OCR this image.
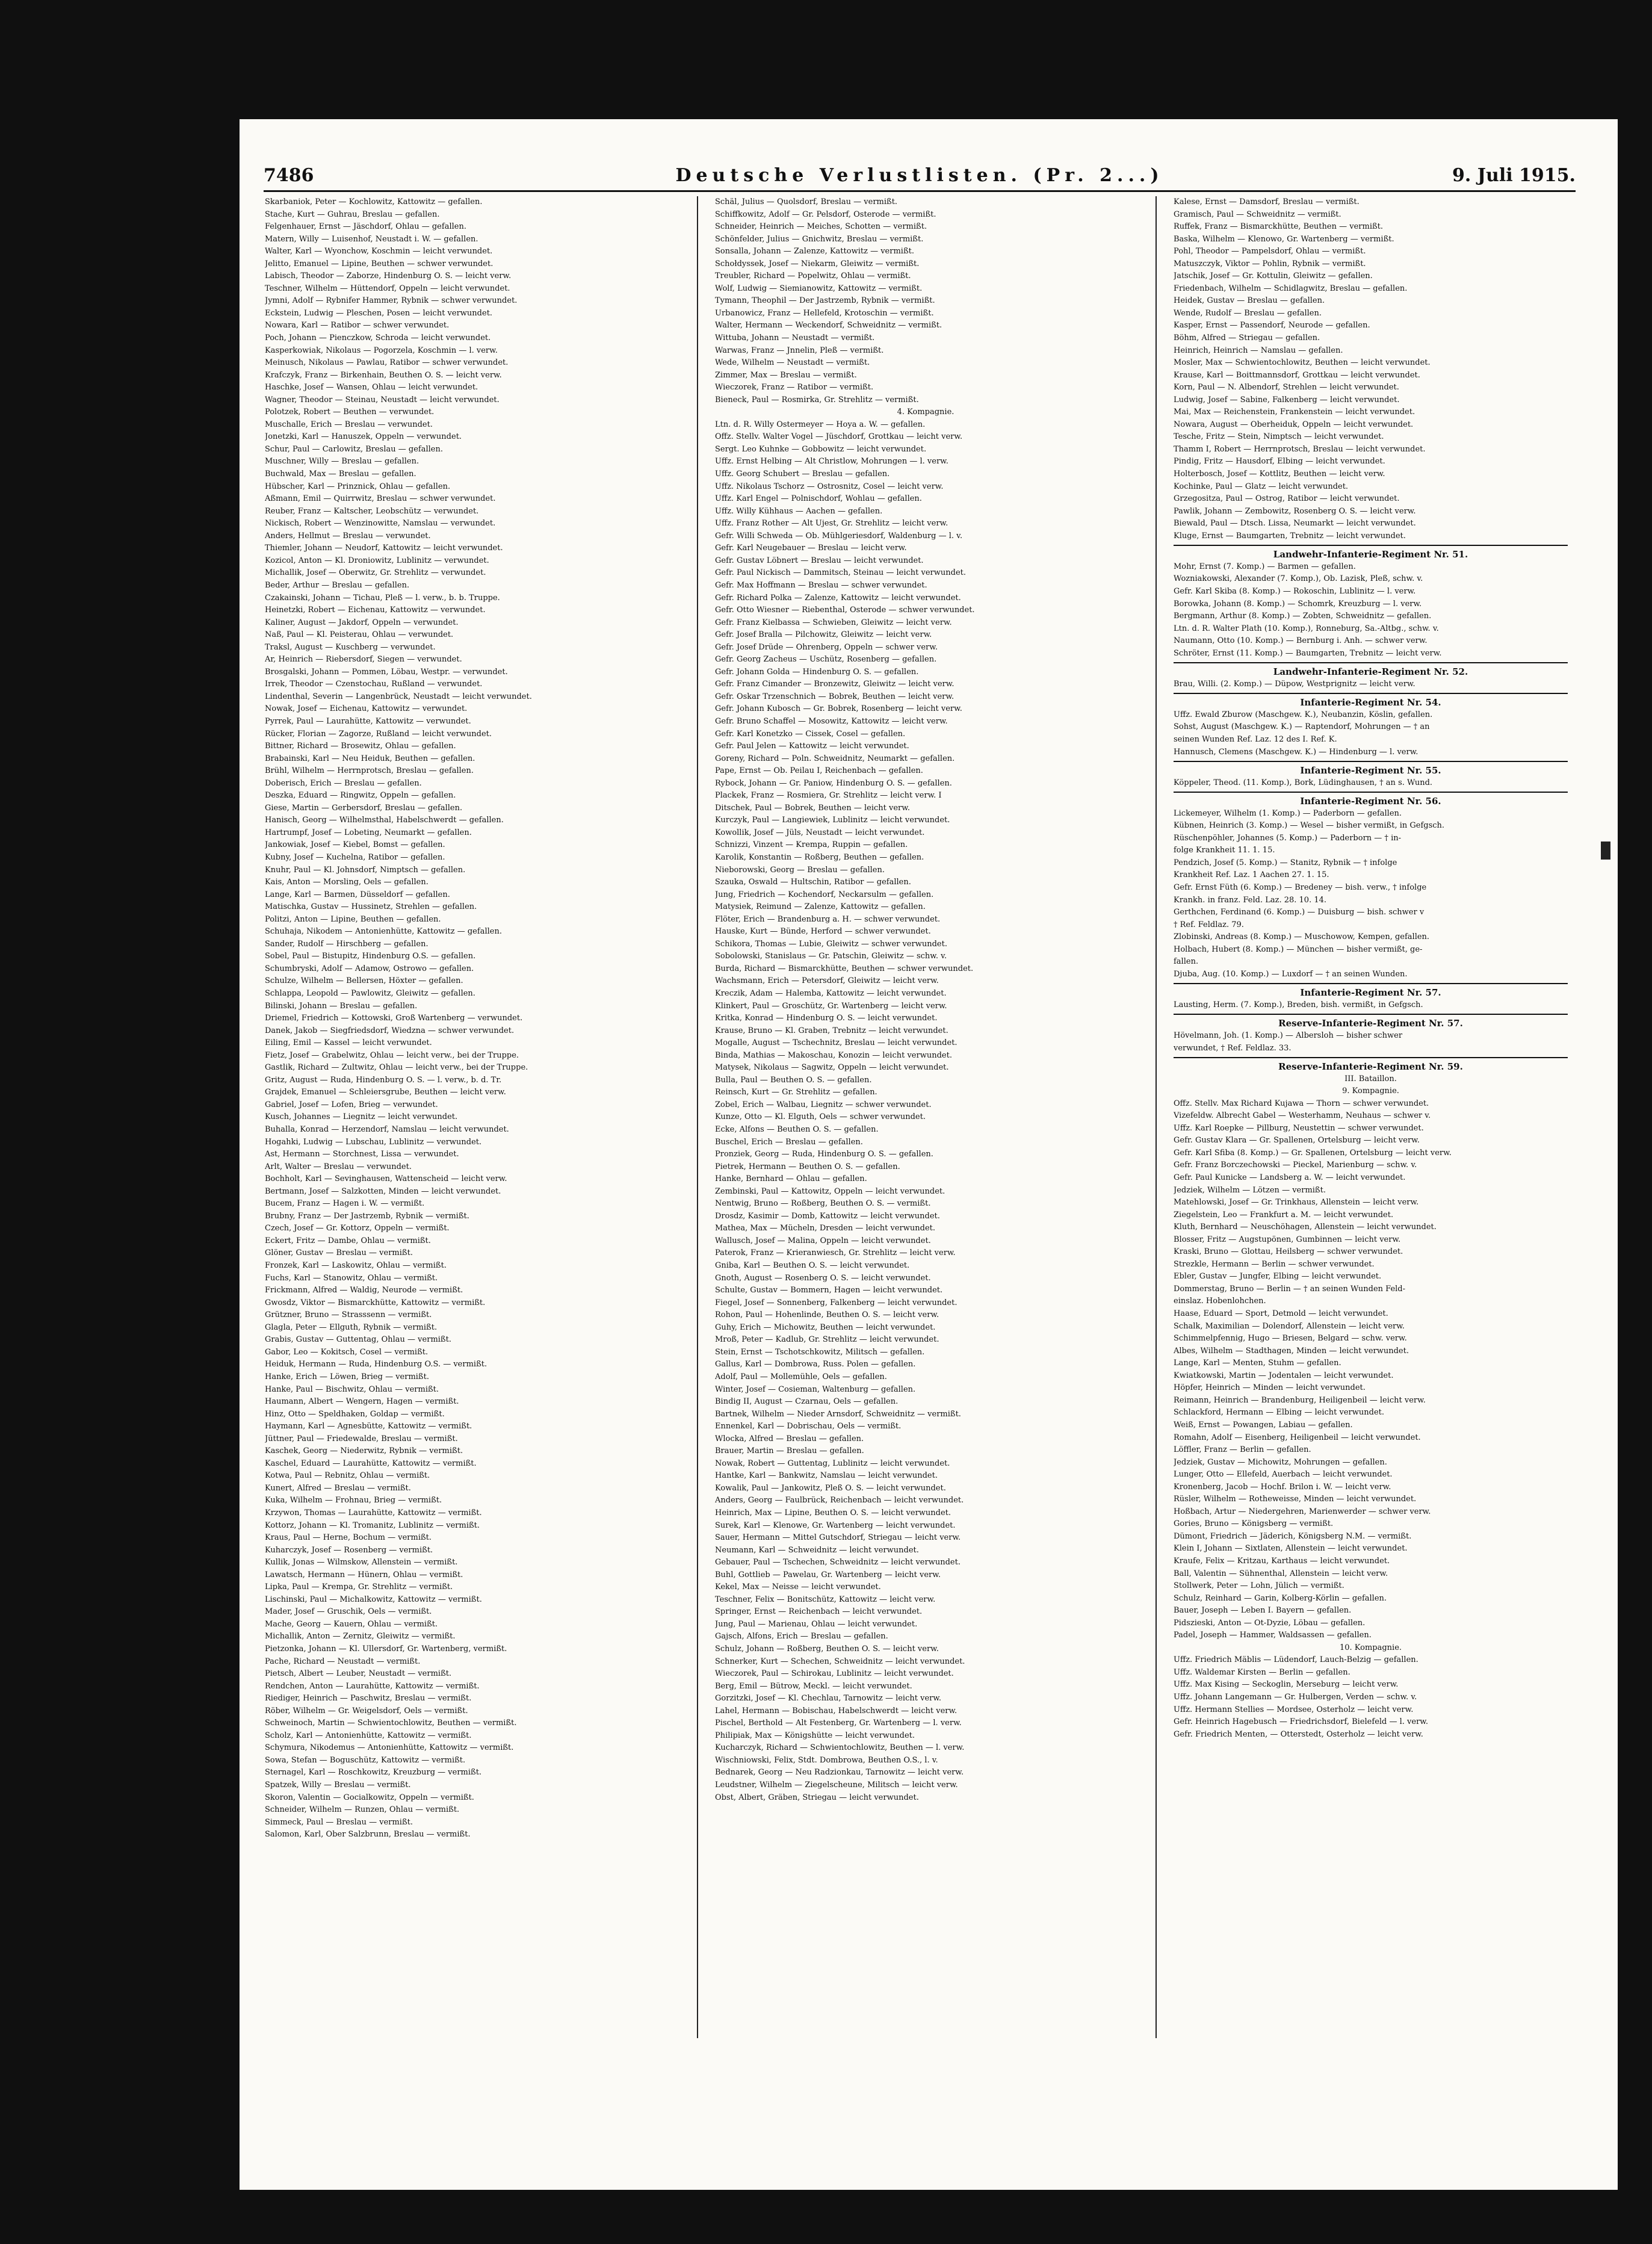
7486	Deutsche Verlustlisten. (Pr. 2...)	9. Juli 1915.
Skarbaniok, Peter — Kochlowitz, Kattowitz — gefallen.
Stache, Kurt — Guhrau, Breslau — gefallen.
Felgenhauer, Ernst — Jäschdorf, Ohlau — gefallen.
Matern, Willy — Luisenhof, Neustadt i. W. — gefallen.
Walter, Karl — Wyonchow, Koschmin — leicht verwundet.
Jelitto, Emanuel — Lipine, Beuthen — schwer verwundet.
Labisch, Theodor — Zaborze, Hindenburg O. S. — leicht verw.
Teschner, Wilhelm — Hüttendorf, Oppeln — leicht verwundet.
Jymni, Adolf — Rybnifer Hammer, Rybnik — schwer verwundet.
Eckstein, Ludwig — Pleschen, Posen — leicht verwundet.
Nowara, Karl — Ratibor — schwer verwundet.
Poch, Johann — Pienczkow, Schroda — leicht verwundet.
Kasperkowiak, Nikolaus — Pogorzela, Koschmin — l. verw.
Meinusch, Nikolaus — Pawlau, Ratibor — schwer verwundet.
Krafczyk, Franz — Birkenhain, Beuthen O. S. — leicht verw.
Haschke, Josef — Wansen, Ohlau — leicht verwundet.
Wagner, Theodor — Steinau, Neustadt — leicht verwundet.
Polotzek, Robert — Beuthen — verwundet.
Muschalle, Erich — Breslau — verwundet.
Jonetzki, Karl — Hanuszek, Oppeln — verwundet.
Schur, Paul — Carlowitz, Breslau — gefallen.
Muschner, Willy — Breslau — gefallen.
Buchwald, Max — Breslau — gefallen.
Hübscher, Karl — Prinznick, Ohlau — gefallen.
Aßmann, Emil — Quirrwitz, Breslau — schwer verwundet.
Reuber, Franz — Kaltscher, Leobschütz — verwundet.
Nickisch, Robert — Wenzinowitte, Namslau — verwundet.
Anders, Hellmut — Breslau — verwundet.
Thiemler, Johann — Neudorf, Kattowitz — leicht verwundet.
Kozicol, Anton — Kl. Droniowitz, Lublinitz — verwundet.
Michallik, Josef — Oberwitz, Gr. Strehlitz — verwundet.
Beder, Arthur — Breslau — gefallen.
Czakainski, Johann — Tichau, Pleß — l. verw., b. b. Truppe.
Heinetzki, Robert — Eichenau, Kattowitz — verwundet.
Kaliner, August — Jakdorf, Oppeln — verwundet.
Naß, Paul — Kl. Peisterau, Ohlau — verwundet.
Traksl, August — Kuschberg — verwundet.
Ar, Heinrich — Riebersdorf, Siegen — verwundet.
Brosgalski, Johann — Pommen, Löbau, Westpr. — verwundet.
Irrek, Theodor — Czenstochau, Rußland — verwundet.
Lindenthal, Severin — Langenbrück, Neustadt — leicht verwundet.
Nowak, Josef — Eichenau, Kattowitz — verwundet.
Pyrrek, Paul — Laurahütte, Kattowitz — verwundet.
Rücker, Florian — Zagorze, Rußland — leicht verwundet.
Bittner, Richard — Brosewitz, Ohlau — gefallen.
Brabainski, Karl — Neu Heiduk, Beuthen — gefallen.
Brühl, Wilhelm — Herrnprotsch, Breslau — gefallen.
Doberisch, Erich — Breslau — gefallen.
Deszka, Eduard — Ringwitz, Oppeln — gefallen.
Giese, Martin — Gerbersdorf, Breslau — gefallen.
Hanisch, Georg — Wilhelmsthal, Habelschwerdt — gefallen.
Hartrumpf, Josef — Lobeting, Neumarkt — gefallen.
Jankowiak, Josef — Kiebel, Bomst — gefallen.
Kubny, Josef — Kuchelna, Ratibor — gefallen.
Knuhr, Paul — Kl. Johnsdorf, Nimptsch — gefallen.
Kais, Anton — Morsling, Oels — gefallen.
Lange, Karl — Barmen, Düsseldorf — gefallen.
Matischka, Gustav — Hussinetz, Strehlen — gefallen.
Politzi, Anton — Lipine, Beuthen — gefallen.
Schuhaja, Nikodem — Antonienhütte, Kattowitz — gefallen.
Sander, Rudolf — Hirschberg — gefallen.
Sobel, Paul — Bistupitz, Hindenburg O.S. — gefallen.
Schumbryski, Adolf — Adamow, Ostrowo — gefallen.
Schulze, Wilhelm — Bellersen, Höxter — gefallen.
Schlappa, Leopold — Pawlowitz, Gleiwitz — gefallen.
Bilinski, Johann — Breslau — gefallen.
Driemel, Friedrich — Kottowski, Groß Wartenberg — verwundet.
Danek, Jakob — Siegfriedsdorf, Wiedzna — schwer verwundet.
Eiling, Emil — Kassel — leicht verwundet.
Fietz, Josef — Grabelwitz, Ohlau — leicht verw., bei der Truppe.
Gastlik, Richard — Zultwitz, Ohlau — leicht verw., bei der Truppe.
Gritz, August — Ruda, Hindenburg O. S. — l. verw., b. d. Tr.
Grajdek, Emanuel — Schleiersgrube, Beuthen — leicht verw.
Gabriel, Josef — Lofen, Brieg — verwundet.
Kusch, Johannes — Liegnitz — leicht verwundet.
Buhalla, Konrad — Herzendorf, Namslau — leicht verwundet.
Hogahki, Ludwig — Lubschau, Lublinitz — verwundet.
Ast, Hermann — Storchnest, Lissa — verwundet.
Arlt, Walter — Breslau — verwundet.
Bochholt, Karl — Sevinghausen, Wattenscheid — leicht verw.
Bertmann, Josef — Salzkotten, Minden — leicht verwundet.
Bucem, Franz — Hagen i. W. — vermißt.
Brubny, Franz — Der Jastrzemb, Rybnik — vermißt.
Czech, Josef — Gr. Kottorz, Oppeln — vermißt.
Eckert, Fritz — Dambe, Ohlau — vermißt.
Glöner, Gustav — Breslau — vermißt.
Fronzek, Karl — Laskowitz, Ohlau — vermißt.
Fuchs, Karl — Stanowitz, Ohlau — vermißt.
Frickmann, Alfred — Waldig, Neurode — vermißt.
Gwosdz, Viktor — Bismarckhütte, Kattowitz — vermißt.
Grützner, Bruno — Strasssenn — vermißt.
Glagla, Peter — Ellguth, Rybnik — vermißt.
Grabis, Gustav — Guttentag, Ohlau — vermißt.
Gabor, Leo — Kokitsch, Cosel — vermißt.
Heiduk, Hermann — Ruda, Hindenburg O.S. — vermißt.
Hanke, Erich — Löwen, Brieg — vermißt.
Hanke, Paul — Bischwitz, Ohlau — vermißt.
Haumann, Albert — Wengern, Hagen — vermißt.
Hinz, Otto — Speldhaken, Goldap — vermißt.
Haymann, Karl — Agnesbütte, Kattowitz — vermißt.
Jüttner, Paul — Friedewalde, Breslau — vermißt.
Kaschek, Georg — Niederwitz, Rybnik — vermißt.
Kaschel, Eduard — Laurahütte, Kattowitz — vermißt.
Kotwa, Paul — Rebnitz, Ohlau — vermißt.
Kunert, Alfred — Breslau — vermißt.
Kuka, Wilhelm — Frohnau, Brieg — vermißt.
Krzywon, Thomas — Laurahütte, Kattowitz — vermißt.
Kottorz, Johann — Kl. Tromanitz, Lublinitz — vermißt.
Kraus, Paul — Herne, Bochum — vermißt.
Kuharczyk, Josef — Rosenberg — vermißt.
Kullik, Jonas — Wilmskow, Allenstein — vermißt.
Lawatsch, Hermann — Hünern, Ohlau — vermißt.
Lipka, Paul — Krempa, Gr. Strehlitz — vermißt.
Lischinski, Paul — Michalkowitz, Kattowitz — vermißt.
Mader, Josef — Gruschik, Oels — vermißt.
Mache, Georg — Kauern, Ohlau — vermißt.
Michallik, Anton — Zernitz, Gleiwitz — vermißt.
Pietzonka, Johann — Kl. Ullersdorf, Gr. Wartenberg, vermißt.
Pache, Richard — Neustadt — vermißt.
Pietsch, Albert — Leuber, Neustadt — vermißt.
Rendchen, Anton — Laurahütte, Kattowitz — vermißt.
Riediger, Heinrich — Paschwitz, Breslau — vermißt.
Röber, Wilhelm — Gr. Weigelsdorf, Oels — vermißt.
Schweinoch, Martin — Schwientochlowitz, Beuthen — vermißt.
Scholz, Karl — Antonienhütte, Kattowitz — vermißt.
Schymura, Nikodemus — Antonienhütte, Kattowitz — vermißt.
Sowa, Stefan — Boguschütz, Kattowitz — vermißt.
Sternagel, Karl — Roschkowitz, Kreuzburg — vermißt.
Spatzek, Willy — Breslau — vermißt.
Skoron, Valentin — Gocialkowitz, Oppeln — vermißt.
Schneider, Wilhelm — Runzen, Ohlau — vermißt.
Simmeck, Paul — Breslau — vermißt.
Salomon, Karl, Ober Salzbrunn, Breslau — vermißt.
Schäl, Julius — Quolsdorf, Breslau — vermißt.
Schiffkowitz, Adolf — Gr. Pelsdorf, Osterode — vermißt.
Schneider, Heinrich — Meiches, Schotten — vermißt.
Schönfelder, Julius — Gnichwitz, Breslau — vermißt.
Sonsalla, Johann — Zalenze, Kattowitz — vermißt.
Schołdyssek, Josef — Niekarm, Gleiwitz — vermißt.
Treubler, Richard — Popelwitz, Ohlau — vermißt.
Wolf, Ludwig — Siemianowitz, Kattowitz — vermißt.
Tymann, Theophil — Der Jastrzemb, Rybnik — vermißt.
Urbanowicz, Franz — Hellefeld, Krotoschin — vermißt.
Walter, Hermann — Weckendorf, Schweidnitz — vermißt.
Wittuba, Johann — Neustadt — vermißt.
Warwas, Franz — Jnnelin, Pleß — vermißt.
Wede, Wilhelm — Neustadt — vermißt.
Zimmer, Max — Breslau — vermißt.
Wieczorek, Franz — Ratibor — vermißt.
Bieneck, Paul — Rosmirka, Gr. Strehlitz — vermißt.
4. Kompagnie.
Ltn. d. R. Willy Ostermeyer — Hoya a. W. — gefallen.
Offz. Stellv. Walter Vogel — Jüschdorf, Grottkau — leicht verw.
Sergt. Leo Kuhnke — Gobbowitz — leicht verwundet.
Uffz. Ernst Helbing — Alt Christlow, Mohrungen — l. verw.
Uffz. Georg Schubert — Breslau — gefallen.
Uffz. Nikolaus Tschorz — Ostrosnitz, Cosel — leicht verw.
Uffz. Karl Engel — Polnischdorf, Wohlau — gefallen.
Uffz. Willy Kühhaus — Aachen — gefallen.
Uffz. Franz Rother — Alt Ujest, Gr. Strehlitz — leicht verw.
Gefr. Willi Schweda — Ob. Mühlgeriesdorf, Waldenburg — l. v.
Gefr. Karl Neugebauer — Breslau — leicht verw.
Gefr. Gustav Löbnert — Breslau — leicht verwundet.
Gefr. Paul Nickisch — Dammitsch, Steinau — leicht verwundet.
Gefr. Max Hoffmann — Breslau — schwer verwundet.
Gefr. Richard Polka — Zalenze, Kattowitz — leicht verwundet.
Gefr. Otto Wiesner — Riebenthal, Osterode — schwer verwundet.
Gefr. Franz Kielbassa — Schwieben, Gleiwitz — leicht verw.
Gefr. Josef Bralla — Pilchowitz, Gleiwitz — leicht verw.
Gefr. Josef Drüde — Ohrenberg, Oppeln — schwer verw.
Gefr. Georg Zacheus — Uschütz, Rosenberg — gefallen.
Gefr. Johann Golda — Hindenburg O. S. — gefallen.
Gefr. Franz Cimander — Bronzewitz, Gleiwitz — leicht verw.
Gefr. Oskar Trzenschnich — Bobrek, Beuthen — leicht verw.
Gefr. Johann Kubosch — Gr. Bobrek, Rosenberg — leicht verw.
Gefr. Bruno Schaffel — Mosowitz, Kattowitz — leicht verw.
Gefr. Karl Konetzko — Cissek, Cosel — gefallen.
Gefr. Paul Jelen — Kattowitz — leicht verwundet.
Goreny, Richard — Poln. Schweidnitz, Neumarkt — gefallen.
Pape, Ernst — Ob. Peilau I, Reichenbach — gefallen.
Rybock, Johann — Gr. Paniow, Hindenburg O. S. — gefallen.
Plackek, Franz — Rosmiera, Gr. Strehlitz — leicht verw. I
Ditschek, Paul — Bobrek, Beuthen — leicht verw.
Kurczyk, Paul — Langiewiek, Lublinitz — leicht verwundet.
Kowollik, Josef — Jüls, Neustadt — leicht verwundet.
Schnizzi, Vinzent — Krempa, Ruppin — gefallen.
Karolik, Konstantin — Roßberg, Beuthen — gefallen.
Nieborowski, Georg — Breslau — gefallen.
Szauka, Oswald — Hultschin, Ratibor — gefallen.
Jung, Friedrich — Kochendorf, Neckarsulm — gefallen.
Matysiek, Reimund — Zalenze, Kattowitz — gefallen.
Flöter, Erich — Brandenburg a. H. — schwer verwundet.
Hauske, Kurt — Bünde, Herford — schwer verwundet.
Schikora, Thomas — Lubie, Gleiwitz — schwer verwundet.
Sobolowski, Stanislaus — Gr. Patschin, Gleiwitz — schw. v.
Burda, Richard — Bismarckhütte, Beuthen — schwer verwundet.
Wachsmann, Erich — Petersdorf, Gleiwitz — leicht verw.
Kreczik, Adam — Halemba, Kattowitz — leicht verwundet.
Klinkert, Paul — Groschütz, Gr. Wartenberg — leicht verw.
Kritka, Konrad — Hindenburg O. S. — leicht verwundet.
Krause, Bruno — Kl. Graben, Trebnitz — leicht verwundet.
Mogalle, August — Tschechnitz, Breslau — leicht verwundet.
Binda, Mathias — Makoschau, Konozin — leicht verwundet.
Matysek, Nikolaus — Sagwitz, Oppeln — leicht verwundet.
Bulla, Paul — Beuthen O. S. — gefallen.
Reinsch, Kurt — Gr. Strehlitz — gefallen.
Zobel, Erich — Walbau, Liegnitz — schwer verwundet.
Kunze, Otto — Kl. Elguth, Oels — schwer verwundet.
Ecke, Alfons — Beuthen O. S. — gefallen.
Buschel, Erich — Breslau — gefallen.
Pronziek, Georg — Ruda, Hindenburg O. S. — gefallen.
Pietrek, Hermann — Beuthen O. S. — gefallen.
Hanke, Bernhard — Ohlau — gefallen.
Zembinski, Paul — Kattowitz, Oppeln — leicht verwundet.
Nentwig, Bruno — Roßberg, Beuthen O. S. — vermißt.
Drosdz, Kasimir — Domb, Kattowitz — leicht verwundet.
Mathea, Max — Mücheln, Dresden — leicht verwundet.
Wallusch, Josef — Malina, Oppeln — leicht verwundet.
Paterok, Franz — Krieranwiesch, Gr. Strehlitz — leicht verw.
Gniba, Karl — Beuthen O. S. — leicht verwundet.
Gnoth, August — Rosenberg O. S. — leicht verwundet.
Schulte, Gustav — Bommern, Hagen — leicht verwundet.
Fiegel, Josef — Sonnenberg, Falkenberg — leicht verwundet.
Rohon, Paul — Hohenlinde, Beuthen O. S. — leicht verw.
Guhy, Erich — Michowitz, Beuthen — leicht verwundet.
Mroß, Peter — Kadlub, Gr. Strehlitz — leicht verwundet.
Stein, Ernst — Tschotschkowitz, Militsch — gefallen.
Gallus, Karl — Dombrowa, Russ. Polen — gefallen.
Adolf, Paul — Mollemühle, Oels — gefallen.
Winter, Josef — Cosieman, Waltenburg — gefallen.
Bindig II, August — Czarnau, Oels — gefallen.
Bartnek, Wilhelm — Nieder Arnsdorf, Schweidnitz — vermißt.
Ennenkel, Karl — Dobrischau, Oels — vermißt.
Wlocka, Alfred — Breslau — gefallen.
Brauer, Martin — Breslau — gefallen.
Nowak, Robert — Guttentag, Lublinitz — leicht verwundet.
Hantke, Karl — Bankwitz, Namslau — leicht verwundet.
Kowalik, Paul — Jankowitz, Pleß O. S. — leicht verwundet.
Anders, Georg — Faulbrück, Reichenbach — leicht verwundet.
Heinrich, Max — Lipine, Beuthen O. S. — leicht verwundet.
Surek, Karl — Klenowe, Gr. Wartenberg — leicht verwundet.
Sauer, Hermann — Mittel Gutschdorf, Striegau — leicht verw.
Neumann, Karl — Schweidnitz — leicht verwundet.
Gebauer, Paul — Tschechen, Schweidnitz — leicht verwundet.
Buhl, Gottlieb — Pawelau, Gr. Wartenberg — leicht verw.
Kekel, Max — Neisse — leicht verwundet.
Teschner, Felix — Bonitschütz, Kattowitz — leicht verw.
Springer, Ernst — Reichenbach — leicht verwundet.
Jung, Paul — Marienau, Ohlau — leicht verwundet.
Gajsch, Alfons, Erich — Breslau — gefallen.
Schulz, Johann — Roßberg, Beuthen O. S. — leicht verw.
Schnerker, Kurt — Schechen, Schweidnitz — leicht verwundet.
Wieczorek, Paul — Schirokau, Lublinitz — leicht verwundet.
Berg, Emil — Bütrow, Meckl. — leicht verwundet.
Gorzitzki, Josef — Kl. Chechlau, Tarnowitz — leicht verw.
Lahel, Hermann — Bobischau, Habelschwerdt — leicht verw.
Pischel, Berthold — Alt Festenberg, Gr. Wartenberg — l. verw.
Philipiak, Max — Königshütte — leicht verwundet.
Kucharczyk, Richard — Schwientochlowitz, Beuthen — l. verw.
Wischniowski, Felix, Stdt. Dombrowa, Beuthen O.S., l. v.
Bednarek, Georg — Neu Radzionkau, Tarnowitz — leicht verw.
Leudstner, Wilhelm — Ziegelscheune, Militsch — leicht verw.
Obst, Albert, Gräben, Striegau — leicht verwundet.
Kalese, Ernst — Damsdorf, Breslau — vermißt.
Gramisch, Paul — Schweidnitz — vermißt.
Ruffek, Franz — Bismarckhütte, Beuthen — vermißt.
Baska, Wilhelm — Klenowo, Gr. Wartenberg — vermißt.
Pohl, Theodor — Pampelsdorf, Ohlau — vermißt.
Matuszczyk, Viktor — Pohlin, Rybnik — vermißt.
Jatschik, Josef — Gr. Kottulin, Gleiwitz — gefallen.
Friedenbach, Wilhelm — Schidlagwitz, Breslau — gefallen.
Heidek, Gustav — Breslau — gefallen.
Wende, Rudolf — Breslau — gefallen.
Kasper, Ernst — Passendorf, Neurode — gefallen.
Böhm, Alfred — Striegau — gefallen.
Heinrich, Heinrich — Namslau — gefallen.
Mosler, Max — Schwientochlowitz, Beuthen — leicht verwundet.
Krause, Karl — Boittmannsdorf, Grottkau — leicht verwundet.
Korn, Paul — N. Albendorf, Strehlen — leicht verwundet.
Ludwig, Josef — Sabine, Falkenberg — leicht verwundet.
Mai, Max — Reichenstein, Frankenstein — leicht verwundet.
Nowara, August — Oberheiduk, Oppeln — leicht verwundet.
Tesche, Fritz — Stein, Nimptsch — leicht verwundet.
Thamm I, Robert — Herrnprotsch, Breslau — leicht verwundet.
Pindig, Fritz — Hausdorf, Elbing — leicht verwundet.
Holterbosch, Josef — Kottlitz, Beuthen — leicht verw.
Kochinke, Paul — Glatz — leicht verwundet.
Grzegositza, Paul — Ostrog, Ratibor — leicht verwundet.
Pawlik, Johann — Zembowitz, Rosenberg O. S. — leicht verw.
Biewald, Paul — Dtsch. Lissa, Neumarkt — leicht verwundet.
Kluge, Ernst — Baumgarten, Trebnitz — leicht verwundet.
Landwehr-Infanterie-Regiment Nr. 51.
Mohr, Ernst (7. Komp.) — Barmen — gefallen.
Wozniakowski, Alexander (7. Komp.), Ob. Lazisk, Pleß, schw. v.
Gefr. Karl Skiba (8. Komp.) — Rokoschin, Lublinitz — l. verw.
Borowka, Johann (8. Komp.) — Schomrk, Kreuzburg — l. verw.
Bergmann, Arthur (8. Komp.) — Zobten, Schweidnitz — gefallen.
Ltn. d. R. Walter Plath (10. Komp.), Ronneburg, Sa.-Altbg., schw. v.
Naumann, Otto (10. Komp.) — Bernburg i. Anh. — schwer verw.
Schröter, Ernst (11. Komp.) — Baumgarten, Trebnitz — leicht verw.
Landwehr-Infanterie-Regiment Nr. 52.
Brau, Willi. (2. Komp.) — Düpow, Westprignitz — leicht verw.
Infanterie-Regiment Nr. 54.
Uffz. Ewald Zburow (Maschgew. K.), Neubanzin, Köslin, gefallen.
Sohst, August (Maschgew. K.) — Raptendorf, Mohrungen — † an
seinen Wunden Ref. Laz. 12 des I. Ref. K.
Hannusch, Clemens (Maschgew. K.) — Hindenburg — l. verw.
Infanterie-Regiment Nr. 55.
Köppeler, Theod. (11. Komp.), Bork, Lüdinghausen, † an s. Wund.
Infanterie-Regiment Nr. 56.
Lickemeyer, Wilhelm (1. Komp.) — Paderborn — gefallen.
Kübnen, Heinrich (3. Komp.) — Wesel — bisher vermißt, in Gefgsch.
Rüschenpöhler, Johannes (5. Komp.) — Paderborn — † in-
folge Krankheit 11. 1. 15.
Pendzich, Josef (5. Komp.) — Stanitz, Rybnik — † infolge
Krankheit Ref. Laz. 1 Aachen 27. 1. 15.
Gefr. Ernst Füth (6. Komp.) — Bredeney — bish. verw., † infolge
Krankh. in franz. Feld. Laz. 28. 10. 14.
Gerthchen, Ferdinand (6. Komp.) — Duisburg — bish. schwer v
† Ref. Feldlaz. 79.
Zlobinski, Andreas (8. Komp.) — Muschowow, Kempen, gefallen.
Holbach, Hubert (8. Komp.) — München — bisher vermißt, ge-
fallen.
Djuba, Aug. (10. Komp.) — Luxdorf — † an seinen Wunden.
Infanterie-Regiment Nr. 57.
Lausting, Herm. (7. Komp.), Breden, bish. vermißt, in Gefgsch.
Reserve-Infanterie-Regiment Nr. 57.
Hövelmann, Joh. (1. Komp.) — Albersloh — bisher schwer
verwundet, † Ref. Feldlaz. 33.
Reserve-Infanterie-Regiment Nr. 59.
III. Bataillon.
9. Kompagnie.
Offz. Stellv. Max Richard Kujawa — Thorn — schwer verwundet.
Vizefeldw. Albrecht Gabel — Westerhamm, Neuhaus — schwer v.
Uffz. Karl Roepke — Pillburg, Neustettin — schwer verwundet.
Gefr. Gustav Klara — Gr. Spallenen, Ortelsburg — leicht verw.
Gefr. Karl Sfiba (8. Komp.) — Gr. Spallenen, Ortelsburg — leicht verw.
Gefr. Franz Borczechowski — Pieckel, Marienburg — schw. v.
Gefr. Paul Kunicke — Landsberg a. W. — leicht verwundet.
Jedziek, Wilhelm — Lötzen — vermißt.
Matehlowski, Josef — Gr. Trinkhaus, Allenstein — leicht verw.
Ziegelstein, Leo — Frankfurt a. M. — leicht verwundet.
Kluth, Bernhard — Neuschöhagen, Allenstein — leicht verwundet.
Blosser, Fritz — Augstupönen, Gumbinnen — leicht verw.
Kraski, Bruno — Glottau, Heilsberg — schwer verwundet.
Strezkle, Hermann — Berlin — schwer verwundet.
Ebler, Gustav — Jungfer, Elbing — leicht verwundet.
Dommerstag, Bruno — Berlin — † an seinen Wunden Feld-
einslaz. Hobenlohchen.
Haase, Eduard — Sport, Detmold — leicht verwundet.
Schalk, Maximilian — Dolendorf, Allenstein — leicht verw.
Schimmelpfennig, Hugo — Briesen, Belgard — schw. verw.
Albes, Wilhelm — Stadthagen, Minden — leicht verwundet.
Lange, Karl — Menten, Stuhm — gefallen.
Kwiatkowski, Martin — Jodentalen — leicht verwundet.
Höpfer, Heinrich — Minden — leicht verwundet.
Reimann, Heinrich — Brandenburg, Heiligenbeil — leicht verw.
Schlackford, Hermann — Elbing — leicht verwundet.
Weiß, Ernst — Powangen, Labiau — gefallen.
Romahn, Adolf — Eisenberg, Heiligenbeil — leicht verwundet.
Löffler, Franz — Berlin — gefallen.
Jedziek, Gustav — Michowitz, Mohrungen — gefallen.
Lunger, Otto — Ellefeld, Auerbach — leicht verwundet.
Kronenberg, Jacob — Hochf. Brilon i. W. — leicht verw.
Rüsler, Wilhelm — Rotheweisse, Minden — leicht verwundet.
Hoßbach, Artur — Niedergehren, Marienwerder — schwer verw.
Gories, Bruno — Königsberg — vermißt.
Dümont, Friedrich — Jäderich, Königsberg N.M. — vermißt.
Klein I, Johann — Sixtlaten, Allenstein — leicht verwundet.
Kraufe, Felix — Kritzau, Karthaus — leicht verwundet.
Ball, Valentin — Sühnenthal, Allenstein — leicht verw.
Stollwerk, Peter — Lohn, Jülich — vermißt.
Schulz, Reinhard — Garin, Kolberg-Körlin — gefallen.
Bauer, Joseph — Leben I. Bayern — gefallen.
Pidszieski, Anton — Ot-Dyzie, Löbau — gefallen.
Padel, Joseph — Hammer, Waldsassen — gefallen.
10. Kompagnie.
Uffz. Friedrich Mäblis — Lüdendorf, Lauch-Belzig — gefallen.
Uffz. Waldemar Kirsten — Berlin — gefallen.
Uffz. Max Kising — Seckoglin, Merseburg — leicht verw.
Uffz. Johann Langemann — Gr. Hulbergen, Verden — schw. v.
Uffz. Hermann Stellies — Mordsee, Osterholz — leicht verw.
Gefr. Heinrich Hagebusch — Friedrichsdorf, Bielefeld — l. verw.
Gefr. Friedrich Menten, — Otterstedt, Osterholz — leicht verw.
